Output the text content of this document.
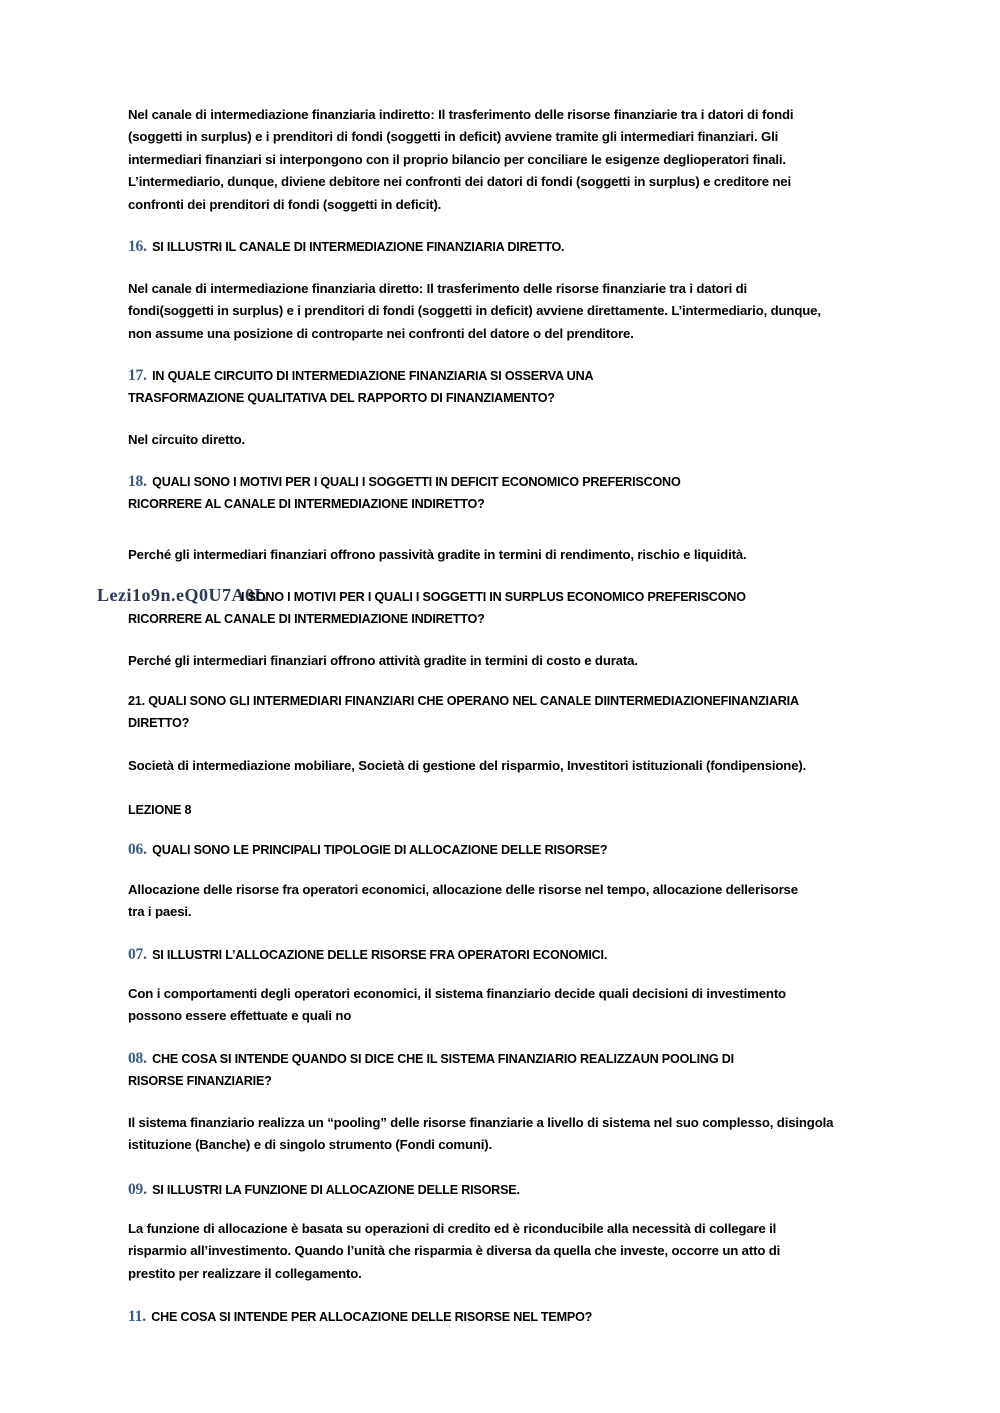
Nel canale di intermediazione finanziaria indiretto: Il trasferimento delle risorse finanziarie tra i datori di fondi
(soggetti in surplus) e i prenditori di fondi (soggetti in deficit) avviene tramite gli intermediari finanziari. Gli
intermediari finanziari si interpongono con il proprio bilancio per conciliare le esigenze deglioperatori finali.
L’intermediario, dunque, diviene debitore nei confronti dei datori di fondi (soggetti in surplus) e creditore nei
confronti dei prenditori di fondi (soggetti in deficit).
16. SI ILLUSTRI IL CANALE DI INTERMEDIAZIONE FINANZIARIA DIRETTO.
Nel canale di intermediazione finanziaria diretto: Il trasferimento delle risorse finanziarie tra i datori di
fondi(soggetti in surplus) e i prenditori di fondi (soggetti in deficit) avviene direttamente. L’intermediario, dunque,
non assume una posizione di controparte nei confronti del datore o del prenditore.
17. IN QUALE CIRCUITO DI INTERMEDIAZIONE FINANZIARIA SI OSSERVA UNA
TRASFORMAZIONE QUALITATIVA DEL RAPPORTO DI FINANZIAMENTO?
Nel circuito diretto.
18. QUALI SONO I MOTIVI PER I QUALI I SOGGETTI IN DEFICIT ECONOMICO PREFERISCONO
RICORRERE AL CANALE DI INTERMEDIAZIONE INDIRETTO?
Perché gli intermediari finanziari offrono passività gradite in termini di rendimento, rischio e liquidità.
Lezi1o9n.eQ0U7A0L
I SONO I MOTIVI PER I QUALI I SOGGETTI IN SURPLUS ECONOMICO PREFERISCONO
RICORRERE AL CANALE DI INTERMEDIAZIONE INDIRETTO?
Perché gli intermediari finanziari offrono attività gradite in termini di costo e durata.
21. QUALI SONO GLI INTERMEDIARI FINANZIARI CHE OPERANO NEL CANALE DIINTERMEDIAZIONEFINANZIARIA
DIRETTO?
Società di intermediazione mobiliare, Società di gestione del risparmio, Investitori istituzionali (fondipensione).
LEZIONE 8
06. QUALI SONO LE PRINCIPALI TIPOLOGIE DI ALLOCAZIONE DELLE RISORSE?
Allocazione delle risorse fra operatori economici, allocazione delle risorse nel tempo, allocazione dellerisorse
tra i paesi.
07. SI ILLUSTRI L’ALLOCAZIONE DELLE RISORSE FRA OPERATORI ECONOMICI.
Con i comportamenti degli operatori economici, il sistema finanziario decide quali decisioni di investimento
possono essere effettuate e quali no
08. CHE COSA SI INTENDE QUANDO SI DICE CHE IL SISTEMA FINANZIARIO REALIZZAUN POOLING DI
RISORSE FINANZIARIE?
Il sistema finanziario realizza un “pooling” delle risorse finanziarie a livello di sistema nel suo complesso, disingola
istituzione (Banche) e di singolo strumento (Fondi comuni).
09. SI ILLUSTRI LA FUNZIONE DI ALLOCAZIONE DELLE RISORSE.
La funzione di allocazione è basata su operazioni di credito ed è riconducibile alla necessità di collegare il
risparmio all’investimento. Quando l’unità che risparmia è diversa da quella che investe, occorre un atto di
prestito per realizzare il collegamento.
11. CHE COSA SI INTENDE PER ALLOCAZIONE DELLE RISORSE NEL TEMPO?
